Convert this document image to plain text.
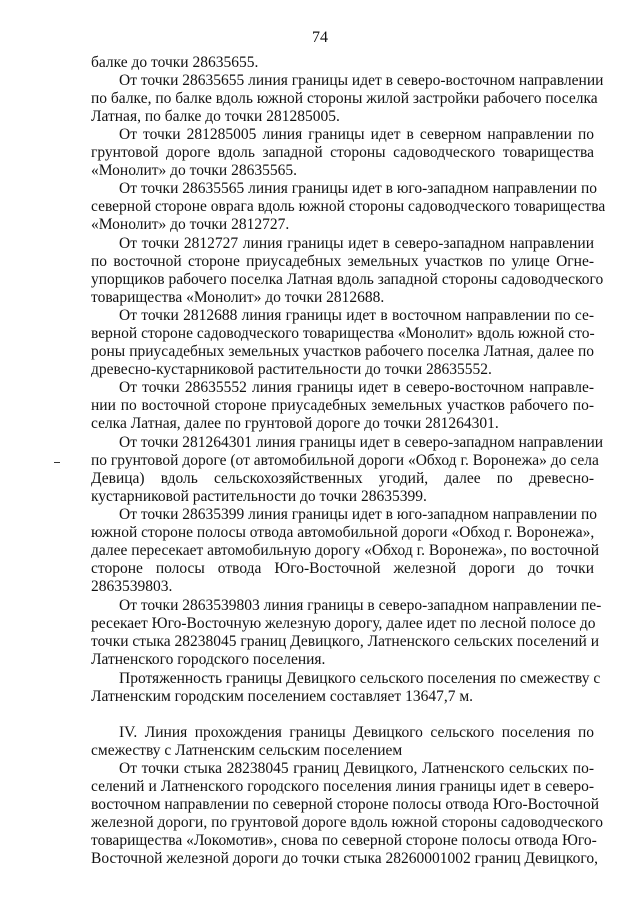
74
балке до точки 28635655.
От точки 28635655 линия границы идет в северо-восточном направлении
по балке, по балке вдоль южной стороны жилой застройки рабочего поселка
Латная, по балке до точки 281285005.
От точки 281285005 линия границы идет в северном направлении по
грунтовой дороге вдоль западной стороны садоводческого товарищества
«Монолит» до точки 28635565.
От точки 28635565 линия границы идет в юго-западном направлении по
северной стороне оврага вдоль южной стороны садоводческого товарищества
«Монолит» до точки 2812727.
От точки 2812727 линия границы идет в северо-западном направлении
по восточной стороне приусадебных земельных участков по улице Огне-
упорщиков рабочего поселка Латная вдоль западной стороны садоводческого
товарищества «Монолит» до точки 2812688.
От точки 2812688 линия границы идет в восточном направлении по се-
верной стороне садоводческого товарищества «Монолит» вдоль южной сто-
роны приусадебных земельных участков рабочего поселка Латная, далее по
древесно-кустарниковой растительности до точки 28635552.
От точки 28635552 линия границы идет в северо-восточном направле-
нии по восточной стороне приусадебных земельных участков рабочего по-
селка Латная, далее по грунтовой дороге до точки 281264301.
От точки 281264301 линия границы идет в северо-западном направлении
по грунтовой дороге (от автомобильной дороги «Обход г. Воронежа» до села
Девица) вдоль сельскохозяйственных угодий, далее по древесно-
кустарниковой растительности до точки 28635399.
От точки 28635399 линия границы идет в юго-западном направлении по
южной стороне полосы отвода автомобильной дороги «Обход г. Воронежа»,
далее пересекает автомобильную дорогу «Обход г. Воронежа», по восточной
стороне полосы отвода Юго-Восточной железной дороги до точки
2863539803.
От точки 2863539803 линия границы в северо-западном направлении пе-
ресекает Юго-Восточную железную дорогу, далее идет по лесной полосе до
точки стыка 28238045 границ Девицкого, Латненского сельских поселений и
Латненского городского поселения.
Протяженность границы Девицкого сельского поселения по смежеству с
Латненским городским поселением составляет 13647,7 м.
IV. Линия прохождения границы Девицкого сельского поселения по
смежеству с Латненским сельским поселением
От точки стыка 28238045 границ Девицкого, Латненского сельских по-
селений и Латненского городского поселения линия границы идет в северо-
восточном направлении по северной стороне полосы отвода Юго-Восточной
железной дороги, по грунтовой дороге вдоль южной стороны садоводческого
товарищества «Локомотив», снова по северной стороне полосы отвода Юго-
Восточной железной дороги до точки стыка 28260001002 границ Девицкого,
